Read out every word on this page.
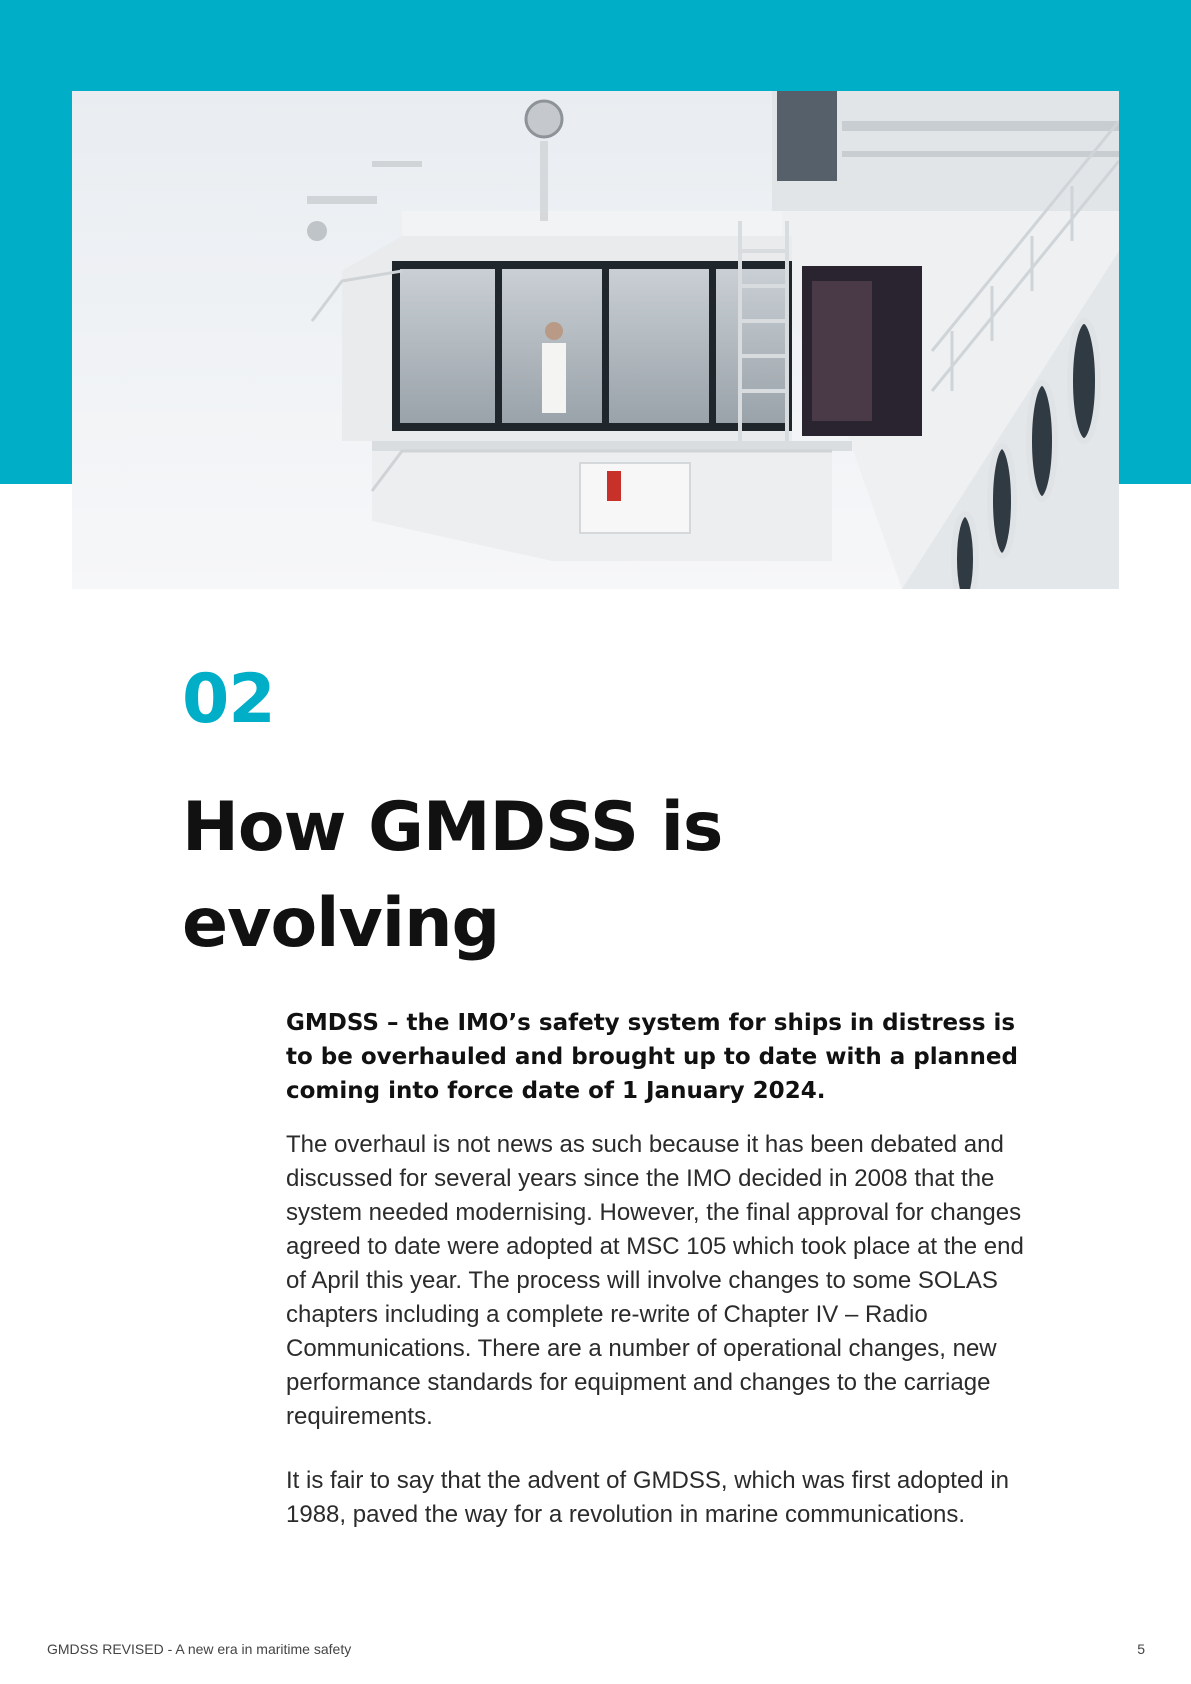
02
How GMDSS is evolving

GMDSS – the IMO’s safety system for ships in distress is to be overhauled and brought up to date with a planned coming into force date of 1 January 2024.

The overhaul is not news as such because it has been debated and discussed for several years since the IMO decided in 2008 that the system needed modernising. However, the final approval for changes agreed to date were adopted at MSC 105 which took place at the end of April this year. The process will involve changes to some SOLAS chapters including a complete re-write of Chapter IV – Radio Communications. There are a number of operational changes, new performance standards for equipment and changes to the carriage requirements.

It is fair to say that the advent of GMDSS, which was first adopted in 1988, paved the way for a revolution in marine communications.

GMDSS REVISED - A new era in maritime safety	5
